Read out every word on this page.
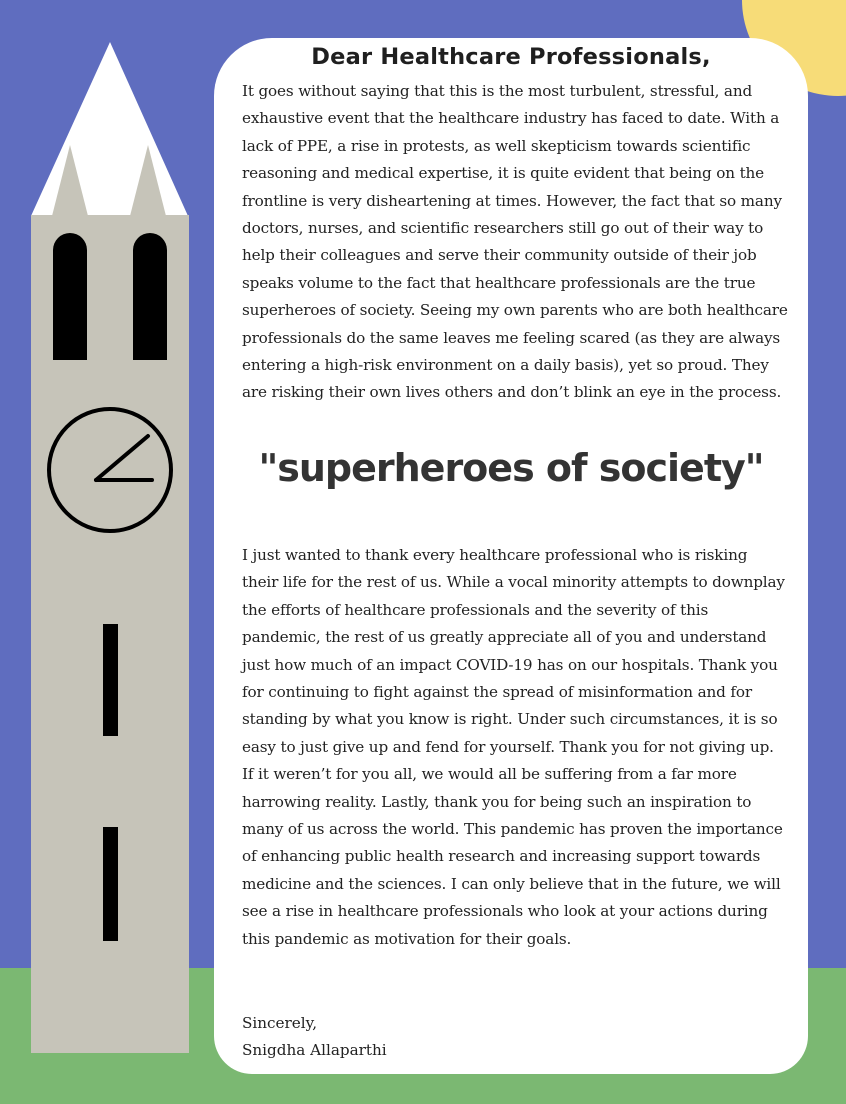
Dear Healthcare Professionals,

It goes without saying that this is the most turbulent, stressful, and exhaustive event that the healthcare industry has faced to date. With a lack of PPE, a rise in protests, as well skepticism towards scientific reasoning and medical expertise, it is quite evident that being on the frontline is very disheartening at times. However, the fact that so many doctors, nurses, and scientific researchers still go out of their way to help their colleagues and serve their community outside of their job speaks volume to the fact that healthcare professionals are the true superheroes of society. Seeing my own parents who are both healthcare professionals do the same leaves me feeling scared (as they are always entering a high-risk environment on a daily basis), yet so proud. They are risking their own lives others and don’t blink an eye in the process.

"superheroes of society"

I just wanted to thank every healthcare professional who is risking their life for the rest of us. While a vocal minority attempts to downplay the efforts of healthcare professionals and the severity of this pandemic, the rest of us greatly appreciate all of you and understand just how much of an impact COVID-19 has on our hospitals. Thank you for continuing to fight against the spread of misinformation and for standing by what you know is right. Under such circumstances, it is so easy to just give up and fend for yourself. Thank you for not giving up. If it weren’t for you all, we would all be suffering from a far more harrowing reality. Lastly, thank you for being such an inspiration to many of us across the world. This pandemic has proven the importance of enhancing public health research and increasing support towards medicine and the sciences. I can only believe that in the future, we will see a rise in healthcare professionals who look at your actions during this pandemic as motivation for their goals.

Sincerely,
Snigdha Allaparthi
